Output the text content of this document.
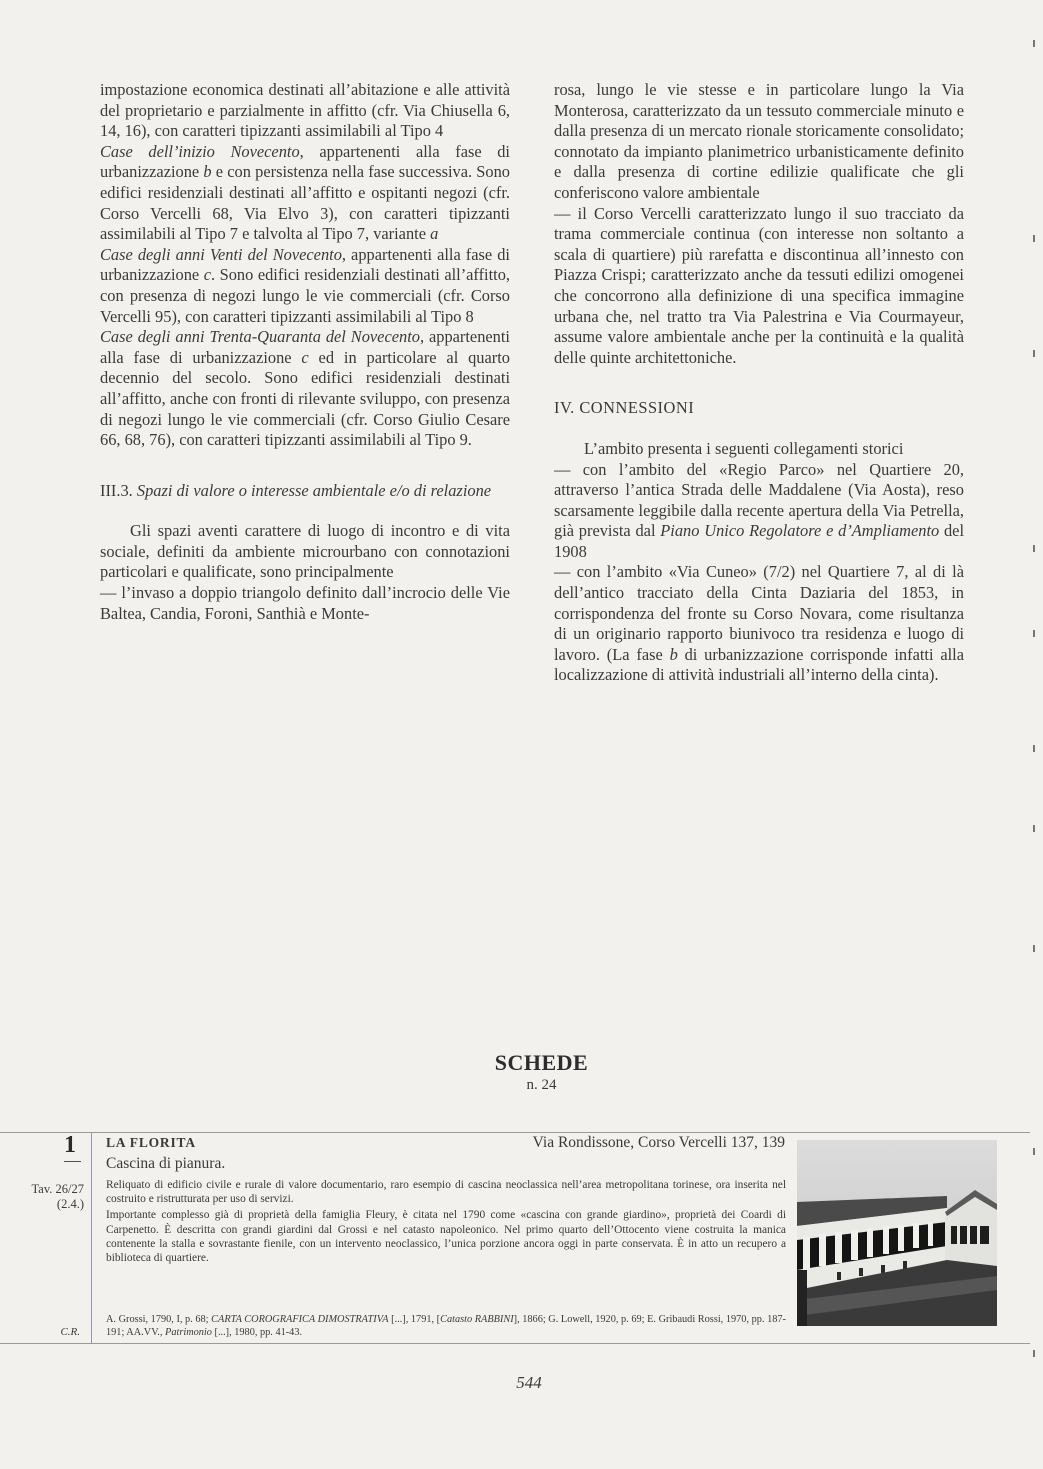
impostazione economica destinati all’abitazione e alle attività del proprietario e parzialmente in affitto (cfr. Via Chiusella 6, 14, 16), con caratteri tipizzanti assimilabili al Tipo 4

Case dell’inizio Novecento, appartenenti alla fase di urbanizzazione b e con persistenza nella fase successiva. Sono edifici residenziali destinati all’affitto e ospitanti negozi (cfr. Corso Vercelli 68, Via Elvo 3), con caratteri tipizzanti assimilabili al Tipo 7 e talvolta al Tipo 7, variante a

Case degli anni Venti del Novecento, appartenenti alla fase di urbanizzazione c. Sono edifici residenziali destinati all’affitto, con presenza di negozi lungo le vie commerciali (cfr. Corso Vercelli 95), con caratteri tipizzanti assimilabili al Tipo 8

Case degli anni Trenta-Quaranta del Novecento, appartenenti alla fase di urbanizzazione c ed in particolare al quarto decennio del secolo. Sono edifici residenziali destinati all’affitto, anche con fronti di rilevante sviluppo, con presenza di negozi lungo le vie commerciali (cfr. Corso Giulio Cesare 66, 68, 76), con caratteri tipizzanti assimilabili al Tipo 9.

III.3. Spazi di valore o interesse ambientale e/o di relazione

Gli spazi aventi carattere di luogo di incontro e di vita sociale, definiti da ambiente microurbano con connotazioni particolari e qualificate, sono principalmente

— l’invaso a doppio triangolo definito dall’incrocio delle Vie Baltea, Candia, Foroni, Santhià e Monte-

rosa, lungo le vie stesse e in particolare lungo la Via Monterosa, caratterizzato da un tessuto commerciale minuto e dalla presenza di un mercato rionale storicamente consolidato; connotato da impianto planimetrico urbanisticamente definito e dalla presenza di cortine edilizie qualificate che gli conferiscono valore ambientale

— il Corso Vercelli caratterizzato lungo il suo tracciato da trama commerciale continua (con interesse non soltanto a scala di quartiere) più rarefatta e discontinua all’innesto con Piazza Crispi; caratterizzato anche da tessuti edilizi omogenei che concorrono alla definizione di una specifica immagine urbana che, nel tratto tra Via Palestrina e Via Courmayeur, assume valore ambientale anche per la continuità e la qualità delle quinte architettoniche.

IV. CONNESSIONI

L’ambito presenta i seguenti collegamenti storici

— con l’ambito del «Regio Parco» nel Quartiere 20, attraverso l’antica Strada delle Maddalene (Via Aosta), reso scarsamente leggibile dalla recente apertura della Via Petrella, già prevista dal Piano Unico Regolatore e d’Ampliamento del 1908

— con l’ambito «Via Cuneo» (7/2) nel Quartiere 7, al di là dell’antico tracciato della Cinta Daziaria del 1853, in corrispondenza del fronte su Corso Novara, come risultanza di un originario rapporto biunivoco tra residenza e luogo di lavoro. (La fase b di urbanizzazione corrisponde infatti alla localizzazione di attività industriali all’interno della cinta).

SCHEDE
n. 24
1
Tav. 26/27
(2.4.)
C.R.
LA FLORITA	Via Rondissone, Corso Vercelli 137, 139
Cascina di pianura.

Reliquato di edificio civile e rurale di valore documentario, raro esempio di cascina neoclassica nell’area metropolitana torinese, ora inserita nel costruito e ristrutturata per uso di servizi.

Importante complesso già di proprietà della famiglia Fleury, è citata nel 1790 come «cascina con grande giardino», proprietà dei Coardi di Carpenetto. È descritta con grandi giardini dal Grossi e nel catasto napoleonico. Nel primo quarto dell’Ottocento viene costruita la manica contenente la stalla e sovrastante fienile, con un intervento neoclassico, l’unica porzione ancora oggi in parte conservata. È in atto un recupero a biblioteca di quartiere.

A. Grossi, 1790, I, p. 68; CARTA COROGRAFICA DIMOSTRATIVA [...], 1791, [Catasto RABBINI], 1866; G. Lowell, 1920, p. 69; E. Gribaudi Rossi, 1970, pp. 187-191; AA.VV., Patrimonio [...], 1980, pp. 41-43.
544
